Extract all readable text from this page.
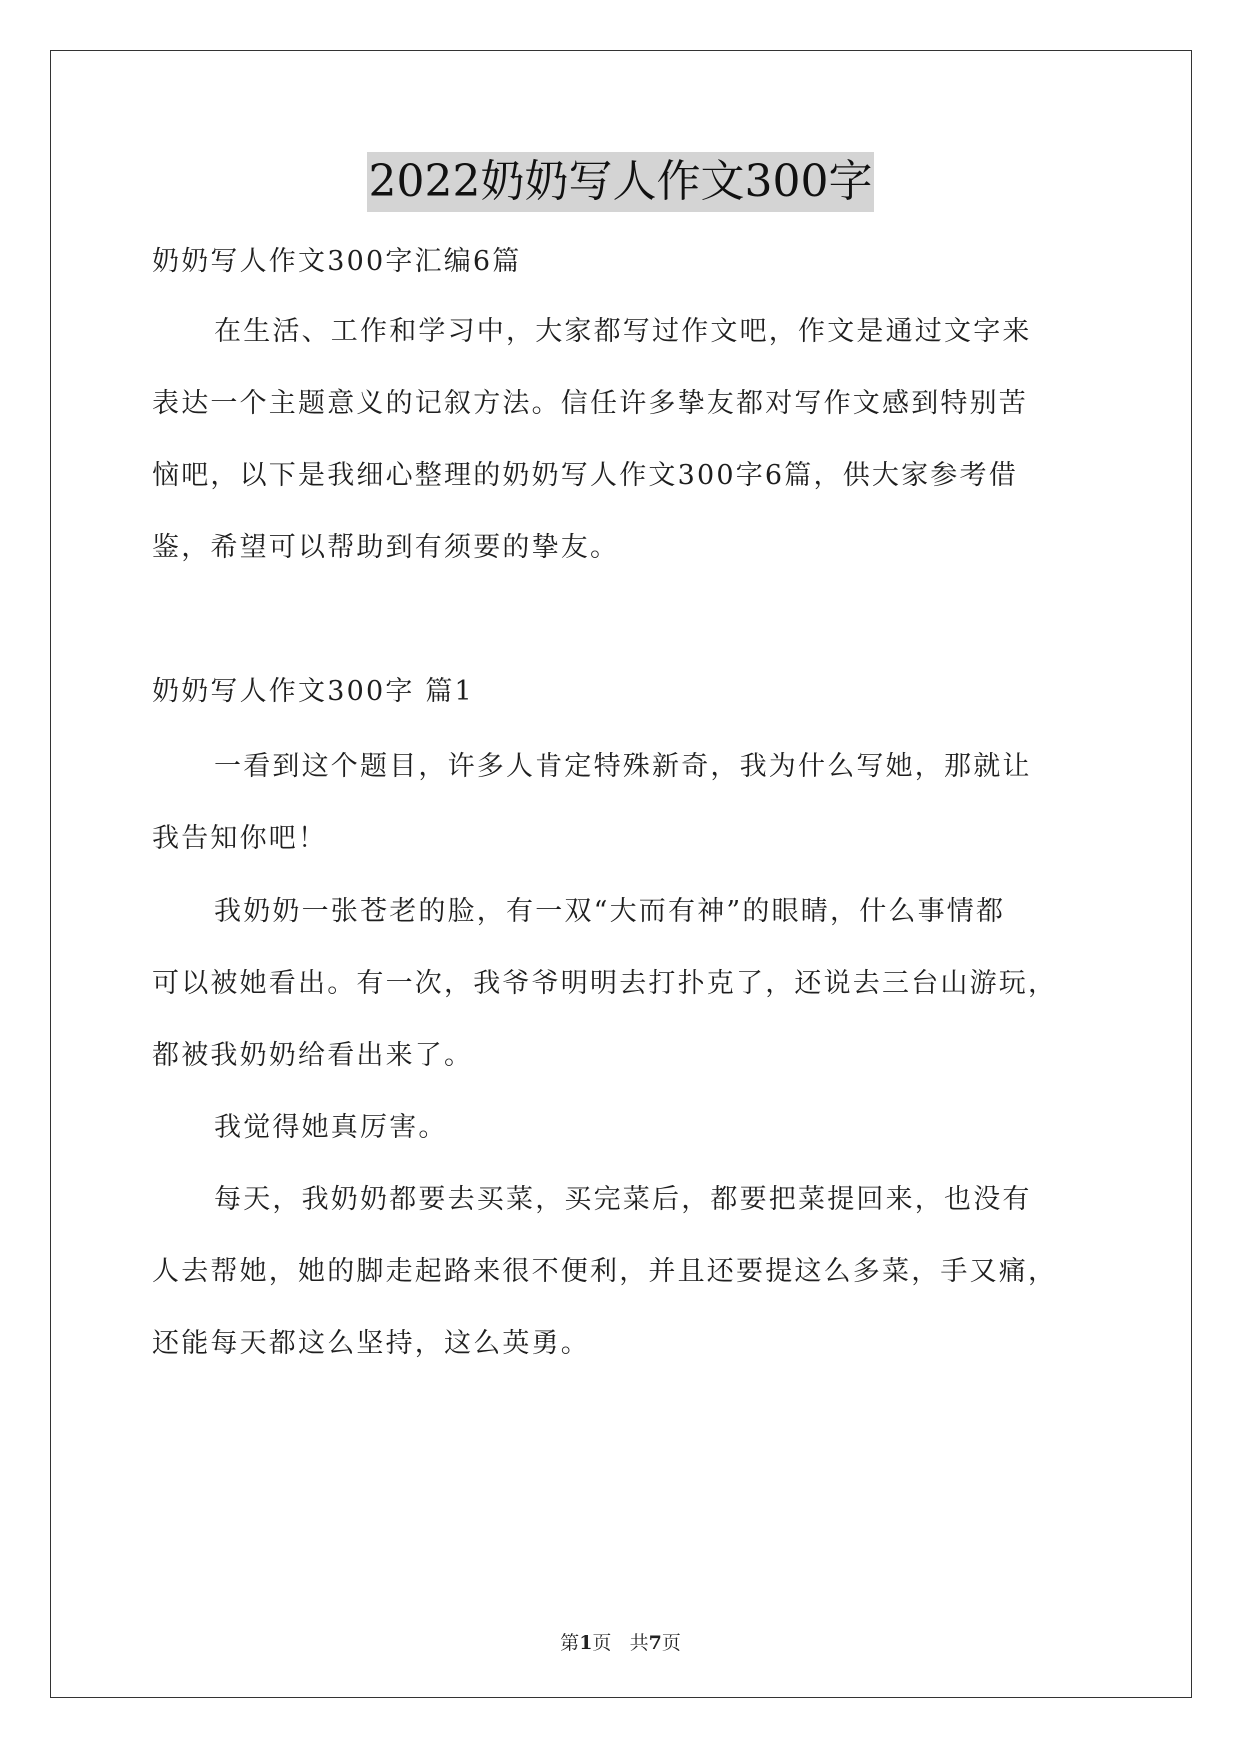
2022奶奶写人作文300字
奶奶写人作文300字汇编6篇
在生活、工作和学习中，大家都写过作文吧，作文是通过文字来
表达一个主题意义的记叙方法。信任许多挚友都对写作文感到特别苦
恼吧，以下是我细心整理的奶奶写人作文300字6篇，供大家参考借
鉴，希望可以帮助到有须要的挚友。
奶奶写人作文300字 篇1
一看到这个题目，许多人肯定特殊新奇，我为什么写她，那就让
我告知你吧！
我奶奶一张苍老的脸，有一双“大而有神”的眼睛，什么事情都
可以被她看出。有一次，我爷爷明明去打扑克了，还说去三台山游玩，
都被我奶奶给看出来了。
我觉得她真厉害。
每天，我奶奶都要去买菜，买完菜后，都要把菜提回来，也没有
人去帮她，她的脚走起路来很不便利，并且还要提这么多菜，手又痛，
还能每天都这么坚持，这么英勇。
第1页 共7页
